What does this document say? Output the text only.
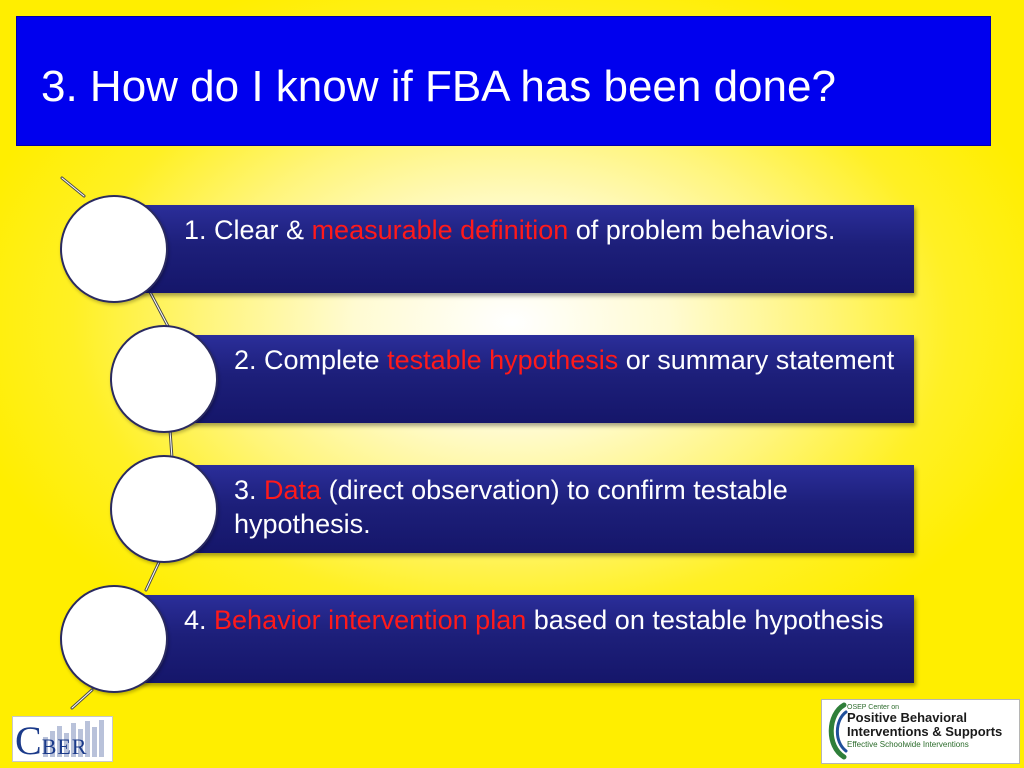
3. How do I know if FBA has been done?
1. Clear & measurable definition of problem behaviors.
2. Complete testable hypothesis or summary statement
3. Data (direct observation) to confirm testable hypothesis.
4. Behavior intervention plan based on testable hypothesis
CBER
OSEP Center on
Positive Behavioral
Interventions & Supports
Effective Schoolwide Interventions
